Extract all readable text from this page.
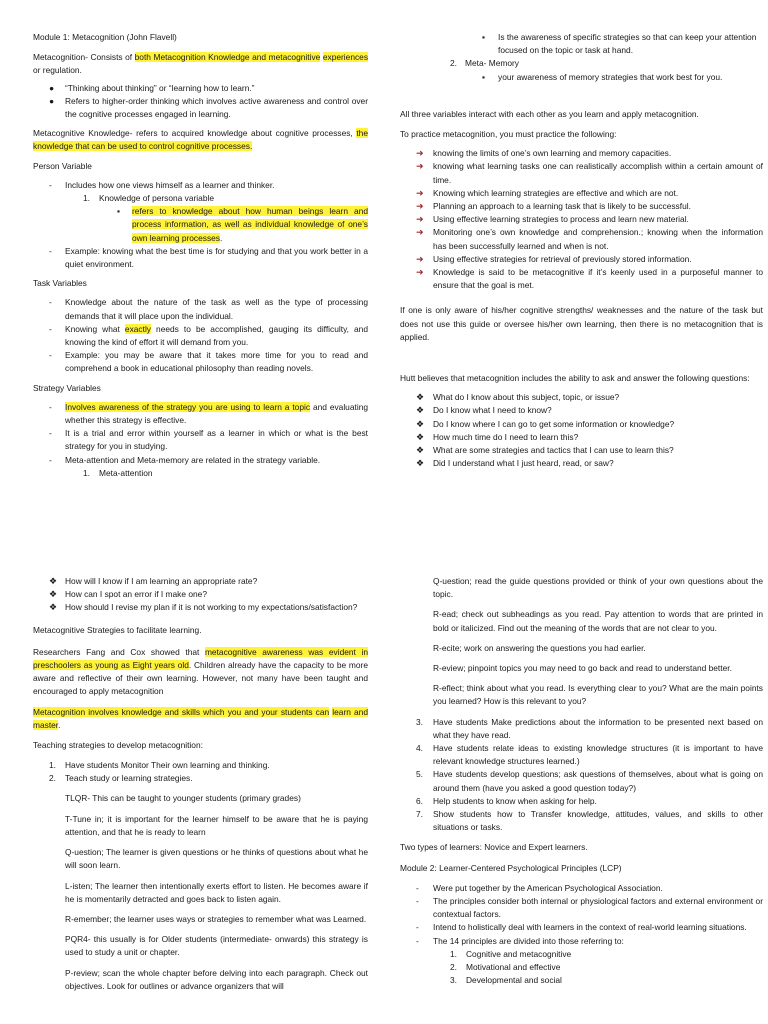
Module 1: Metacognition (John Flavell)

Metacognition- Consists of both Metacognition Knowledge and metacognitive experiences or regulation.

● “Thinking about thinking” or “learning how to learn.”
● Refers to higher-order thinking which involves active awareness and control over the cognitive processes engaged in learning.

Metacognitive Knowledge- refers to acquired knowledge about cognitive processes, the knowledge that can be used to control cognitive processes.

Person Variable

- Includes how one views himself as a learner and thinker.
1. Knowledge of persona variable
▪ refers to knowledge about how human beings learn and process information, as well as individual knowledge of one’s own learning processes.
- Example: knowing what the best time is for studying and that you work better in a quiet environment.

Task Variables

- Knowledge about the nature of the task as well as the type of processing demands that it will place upon the individual.
- Knowing what exactly needs to be accomplished, gauging its difficulty, and knowing the kind of effort it will demand from you.
- Example: you may be aware that it takes more time for you to read and comprehend a book in educational philosophy than reading novels.

Strategy Variables

- Involves awareness of the strategy you are using to learn a topic and evaluating whether this strategy is effective.
- It is a trial and error within yourself as a learner in which or what is the best strategy for you in studying.
- Meta-attention and Meta-memory are related in the strategy variable.
1. Meta-attention
▪ Is the awareness of specific strategies so that can keep your attention focused on the topic or task at hand.
2. Meta- Memory
▪ your awareness of memory strategies that work best for you.

All three variables interact with each other as you learn and apply metacognition.

To practice metacognition, you must practice the following:

➜ knowing the limits of one’s own learning and memory capacities.
➜ knowing what learning tasks one can realistically accomplish within a certain amount of time.
➜ Knowing which learning strategies are effective and which are not.
➜ Planning an approach to a learning task that is likely to be successful.
➜ Using effective learning strategies to process and learn new material.
➜ Monitoring one’s own knowledge and comprehension.; knowing when the information has been successfully learned and when is not.
➜ Using effective strategies for retrieval of previously stored information.
➜ Knowledge is said to be metacognitive if it’s keenly used in a purposeful manner to ensure that the goal is met.

If one is only aware of his/her cognitive strengths/ weaknesses and the nature of the task but does not use this guide or oversee his/her own learning, then there is no metacognition that is applied.

Hutt believes that metacognition includes the ability to ask and answer the following questions:

❖ What do I know about this subject, topic, or issue?
❖ Do I know what I need to know?
❖ Do I know where I can go to get some information or knowledge?
❖ How much time do I need to learn this?
❖ What are some strategies and tactics that I can use to learn this?
❖ Did I understand what I just heard, read, or saw?
❖ How will I know if I am learning an appropriate rate?
❖ How can I spot an error if I make one?
❖ How should I revise my plan if it is not working to my expectations/satisfaction?

Metacognitive Strategies to facilitate learning.

Researchers Fang and Cox showed that metacognitive awareness was evident in preschoolers as young as Eight years old. Children already have the capacity to be more aware and reflective of their own learning. However, not many have been taught and encouraged to apply metacognition

Metacognition involves knowledge and skills which you and your students can learn and master.

Teaching strategies to develop metacognition:

1. Have students Monitor Their own learning and thinking.
2. Teach study or learning strategies.

TLQR- This can be taught to younger students (primary grades)

T-Tune in; it is important for the learner himself to be aware that he is paying attention, and that he is ready to learn

Q-uestion; The learner is given questions or he thinks of questions about what he will soon learn.

L-isten; The learner then intentionally exerts effort to listen. He becomes aware if he is momentarily detracted and goes back to listen again.

R-emember; the learner uses ways or strategies to remember what was Learned.

PQR4- this usually is for Older students (intermediate- onwards) this strategy is used to study a unit or chapter.

P-review; scan the whole chapter before delving into each paragraph. Check out objectives. Look for outlines or advance organizers that will

Q-uestion; read the guide questions provided or think of your own questions about the topic.

R-ead; check out subheadings as you read. Pay attention to words that are printed in bold or italicized. Find out the meaning of the words that are not clear to you.

R-ecite; work on answering the questions you had earlier.

R-eview; pinpoint topics you may need to go back and read to understand better.

R-eflect; think about what you read. Is everything clear to you? What are the main points you learned? How is this relevant to you?

3. Have students Make predictions about the information to be presented next based on what they have read.
4. Have students relate ideas to existing knowledge structures (it is important to have relevant knowledge structures learned.)
5. Have students develop questions; ask questions of themselves, about what is going on around them (have you asked a good question today?)
6. Help students to know when asking for help.
7. Show students how to Transfer knowledge, attitudes, values, and skills to other situations or tasks.

Two types of learners: Novice and Expert learners.

Module 2: Learner-Centered Psychological Principles (LCP)

- Were put together by the American Psychological Association.
- The principles consider both internal or physiological factors and external environment or contextual factors.
- Intend to holistically deal with learners in the context of real-world learning situations.
- The 14 principles are divided into those referring to:
1. Cognitive and metacognitive
2. Motivational and effective
3. Developmental and social
